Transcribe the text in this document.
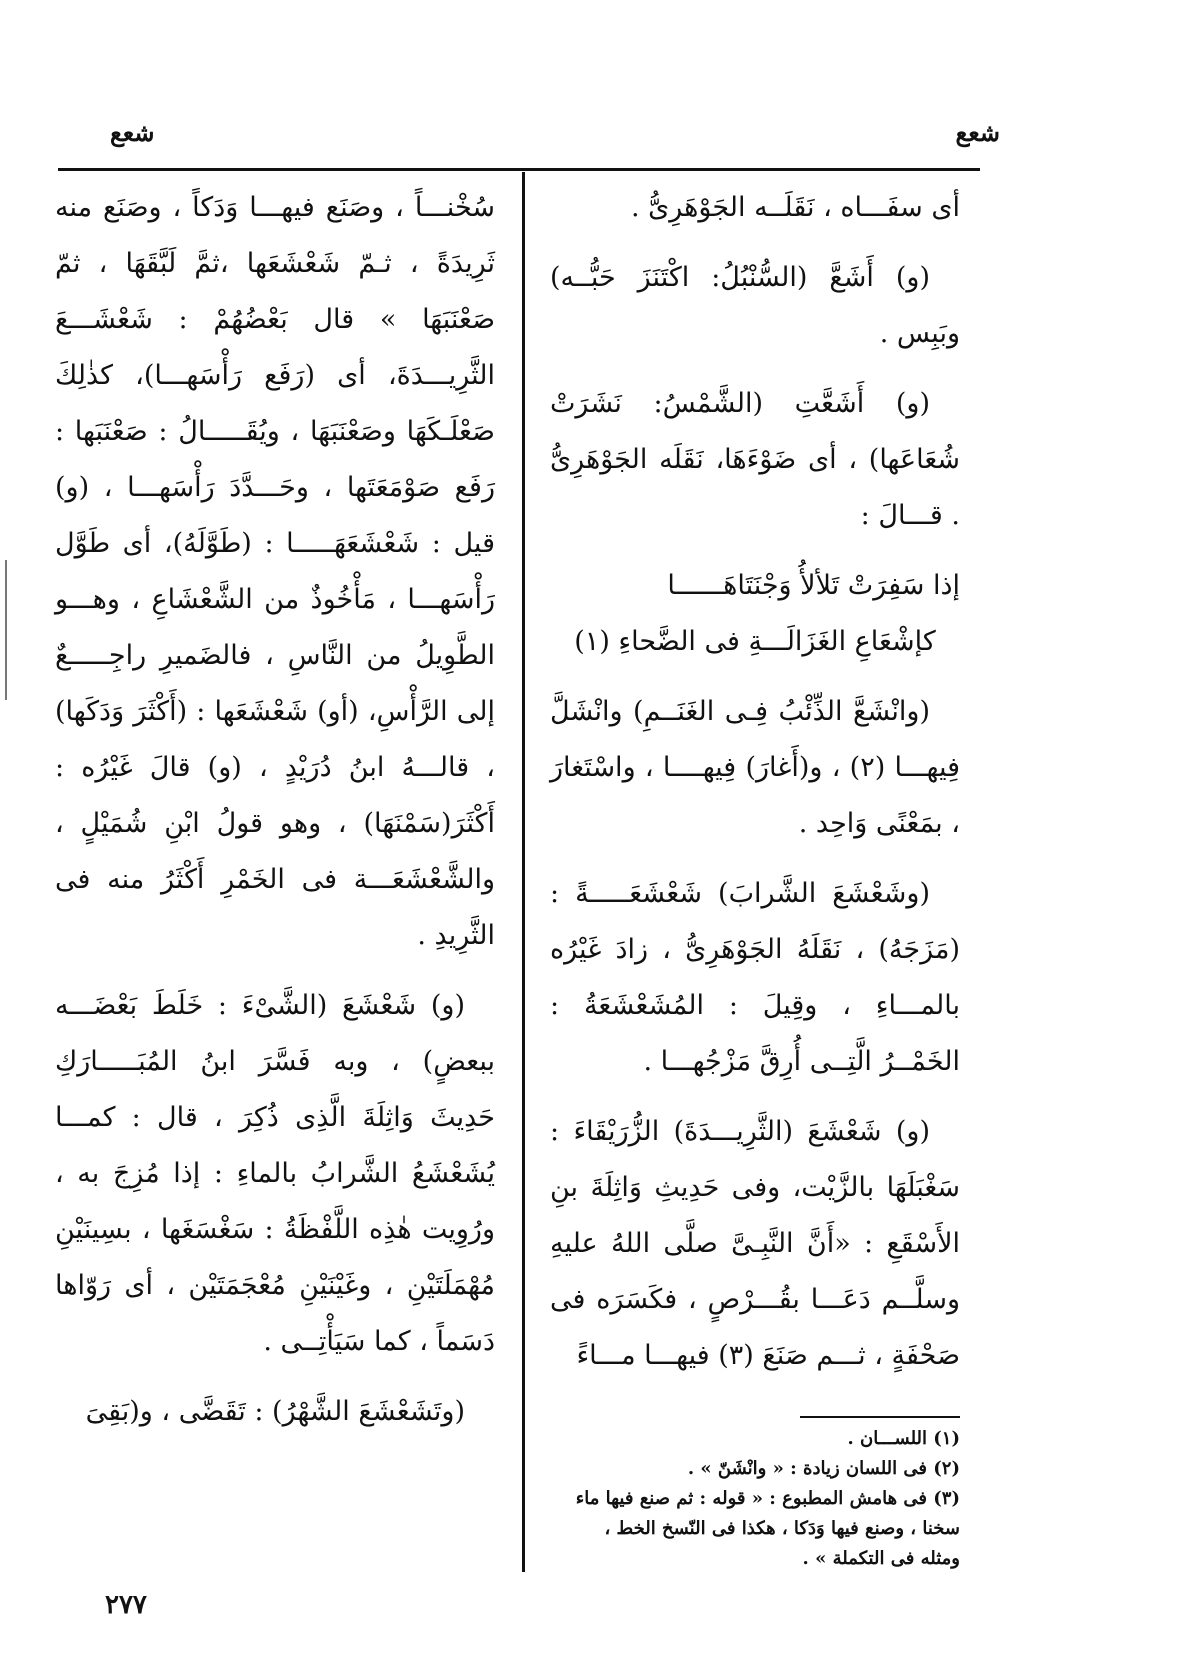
شعع
شعع

أى سفَـــاه ، نَقَلَــه الجَوْهَرِىُّ .

(و) أَشَعَّ (السُّنْبُلُ: اكْتَنَزَ حَبُّــه) وبَبِس .

(و) أَشَعَّتِ (الشَّمْسُ: نَشَرَتْ شُعَاعَها) ، أى ضَوْءَهَا، نَقَلَه الجَوْهَرِىُّ . قـــالَ :

إذا سَفِرَتْ تَلألأُ وَجْنَتَاهَــــــا

كإشْعَاعِ الغَزَالَـــةِ فى الضَّحاءِ (١)

(وانْشَعَّ الذِّئْبُ فِـى الغَنَــمِ) وانْشَلَّ فِيهـــا (٢) ، و(أَغارَ) فِيهــــا ، واسْتَغارَ ، بمَعْنًى وَاحِد .

(وشَعْشَعَ الشَّرابَ) شَعْشَعَـــــةً : (مَزَجَهُ) ، نَقَلَهُ الجَوْهَرِىُّ ، زادَ غَيْرُه بالمـــاءِ ، وقِيلَ : المُشَعْشَعَةُ : الخَمْــرُ الَّتِــى أُرِقَّ مَزْجُهـــا .

(و) شَعْشَعَ (الثَّرِيـــدَةَ) الزُّرَيْقَاءَ : سَغْبَلَهَا بالزَّيْت، وفى حَدِيثِ وَاثِلَةَ بنِ الأَسْقَعِ : «أَنَّ النَّبِـىَّ صلَّى اللهُ عليهِ وسلَّــم دَعَـــا بقُـــرْصٍ ، فكَسَرَه فى صَحْفَةٍ ، ثـــم صَنَعَ (٣) فيهـــا مـــاءً

سُخْنـــاً ، وصَنَع فيهـــا وَدَكاً ، وصَنَع منه ثَرِيدَةً ، ثـمّ شَعْشَعَها ،ثمَّ لَبَّقَهَا ، ثمّ صَعْنَبَهَا » قال بَعْضُهُمْ : شَعْشَـــعَ الثَّرِيـــدَةَ، أى (رَفَع رَأْسَهـــا)، كذٰلِكَ صَعْلَـكَهَا وصَعْنَبَهَا ، ويُقَـــــالُ : صَعْنَبَها : رَفَع صَوْمَعَتَها ، وحَـــدَّدَ رَأْسَهـــا ، (و) قيل : شَعْشَعَهَـــــا : (طَوَّلَهُ)، أى طَوَّل رَأْسَهـــا ، مَأْخُوذٌ من الشَّعْشَاعِ ، وهـــو الطَّوِيلُ من النَّاسِ ، فالضَميرِ راجِـــــعٌ إلى الرَّأْسِ، (أو) شَعْشَعَها : (أَكْثَرَ وَدَكَها) ، قالـــهُ ابنُ دُرَيْدٍ ، (و) قالَ غَيْرُه : أَكْثَرَ(سَمْنَهَا) ، وهو قولُ ابْنِ شُمَيْلٍ ، والشَّعْشَعَـــة فى الخَمْرِ أَكْثَرُ منه فى الثَّرِيدِ .

(و) شَعْشَعَ (الشَّىْءَ : خَلَطَ بَعْضَـــه ببعضٍ) ، وبه فَسَّرَ ابنُ المُبَـــــارَكِ حَدِيثَ وَاثِلَةَ الَّذِى ذُكِرَ ، قال : كمـــا يُشَعْشَعُ الشَّرابُ بالماءِ : إذا مُزِجَ به ، ورُوِيت هٰذِه اللَّفْظَةُ : سَغْسَغَها ، بسِينَيْنِ مُهْمَلَتَيْنِ ، وغَيْنَيْنِ مُعْجَمَتَيْن ، أى رَوّاها دَسَماً ، كما سَيَأْتِــى .

(وتَشَعْشَعَ الشَّهْرُ) : تَقَضَّى ، و(بَقِىَ

(١) اللســـان .

(٢) فى اللسان زيادة : « وانْشَنّ » .

(٣) فى هامش المطبوع : « قوله : ثم صنع فيها ماء سخنا ، وصنع فيها وَدَكا ، هكذا فى النّسخ الخط ، ومثله فى التكملة » .

٢٧٧
